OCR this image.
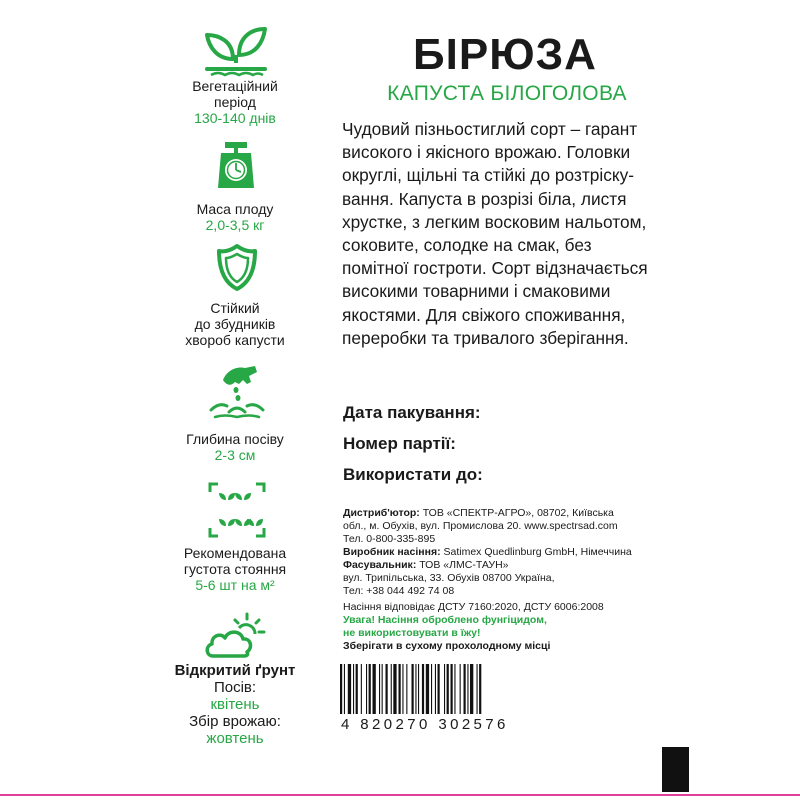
Вегетаційний
період
130-140 днів
Маса плоду
2,0-3,5 кг
Стійкий
до збудників
хвороб капусти
Глибина посіву
2-3 см
Рекомендована
густота стояння
5-6 шт на м²
Відкритий ґрунт
Посів:
квітень
Збір врожаю:
жовтень
БІРЮЗА
КАПУСТА БІЛОГОЛОВА
Чудовий пізньостиглий сорт – гарант
високого і якісного врожаю. Головки
округлі, щільні та стійкі до розтріску-
вання. Капуста в розрізі біла, листя
хрустке, з легким восковим нальотом,
соковите, солодке на смак, без
помітної гостроти. Сорт відзначається
високими товарними і смаковими
якостями. Для свіжого споживання,
переробки та тривалого зберігання.
Дата пакування:
Номер партії:
Використати до:
Дистриб'ютор: ТОВ «СПЕКТР-АГРО», 08702, Київська
обл., м. Обухів, вул. Промислова 20. www.spectrsad.com
Тел. 0-800-335-895
Виробник насіння: Satimex Quedlinburg GmbH, Німеччина
Фасувальник: ТОВ «ЛМС-ТАУН»
вул. Трипільська, 33. Обухів 08700 Україна,
Тел: +38 044 492 74 08
Насіння відповідає ДСТУ 7160:2020, ДСТУ 6006:2008
Увага! Насіння оброблено фунгіцидом,
не використовувати в їжу!
Зберігати в сухому прохолодному місці
4 820270 302576
